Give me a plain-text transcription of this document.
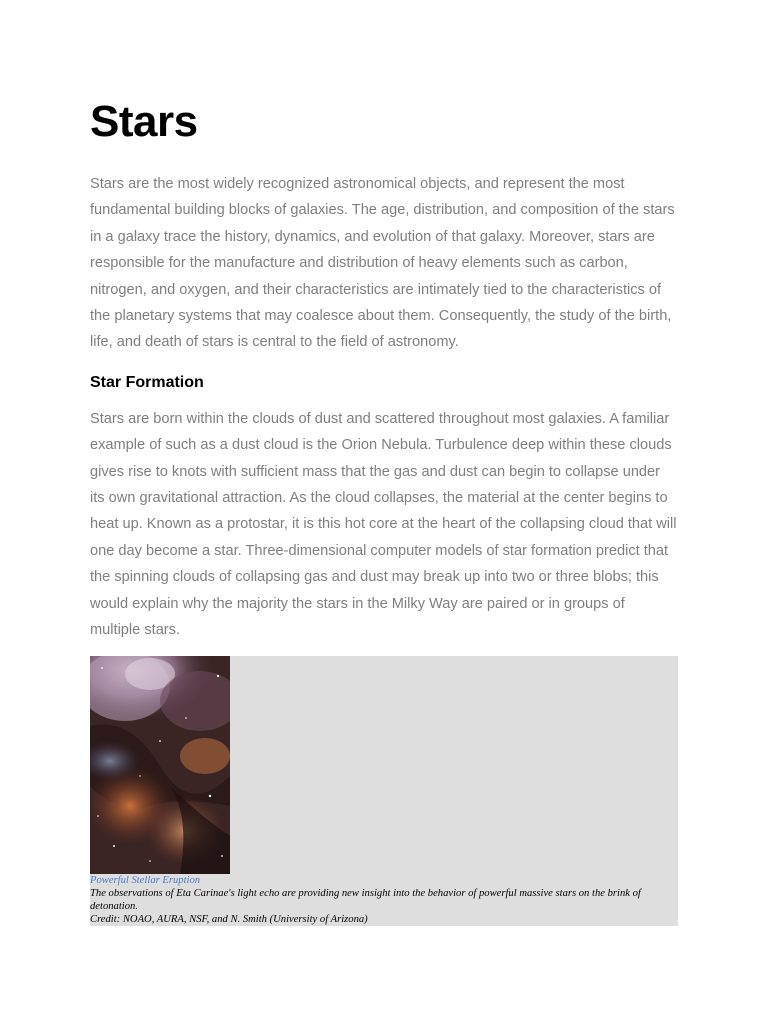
Stars

Stars are the most widely recognized astronomical objects, and represent the most fundamental building blocks of galaxies. The age, distribution, and composition of the stars in a galaxy trace the history, dynamics, and evolution of that galaxy. Moreover, stars are responsible for the manufacture and distribution of heavy elements such as carbon, nitrogen, and oxygen, and their characteristics are intimately tied to the characteristics of the planetary systems that may coalesce about them. Consequently, the study of the birth, life, and death of stars is central to the field of astronomy.

Star Formation

Stars are born within the clouds of dust and scattered throughout most galaxies. A familiar example of such as a dust cloud is the Orion Nebula. Turbulence deep within these clouds gives rise to knots with sufficient mass that the gas and dust can begin to collapse under its own gravitational attraction. As the cloud collapses, the material at the center begins to heat up. Known as a protostar, it is this hot core at the heart of the collapsing cloud that will one day become a star. Three-dimensional computer models of star formation predict that the spinning clouds of collapsing gas and dust may break up into two or three blobs; this would explain why the majority the stars in the Milky Way are paired or in groups of multiple stars.

Powerful Stellar Eruption
The observations of Eta Carinae's light echo are providing new insight into the behavior of powerful massive stars on the brink of detonation.
Credit: NOAO, AURA, NSF, and N. Smith (University of Arizona)
